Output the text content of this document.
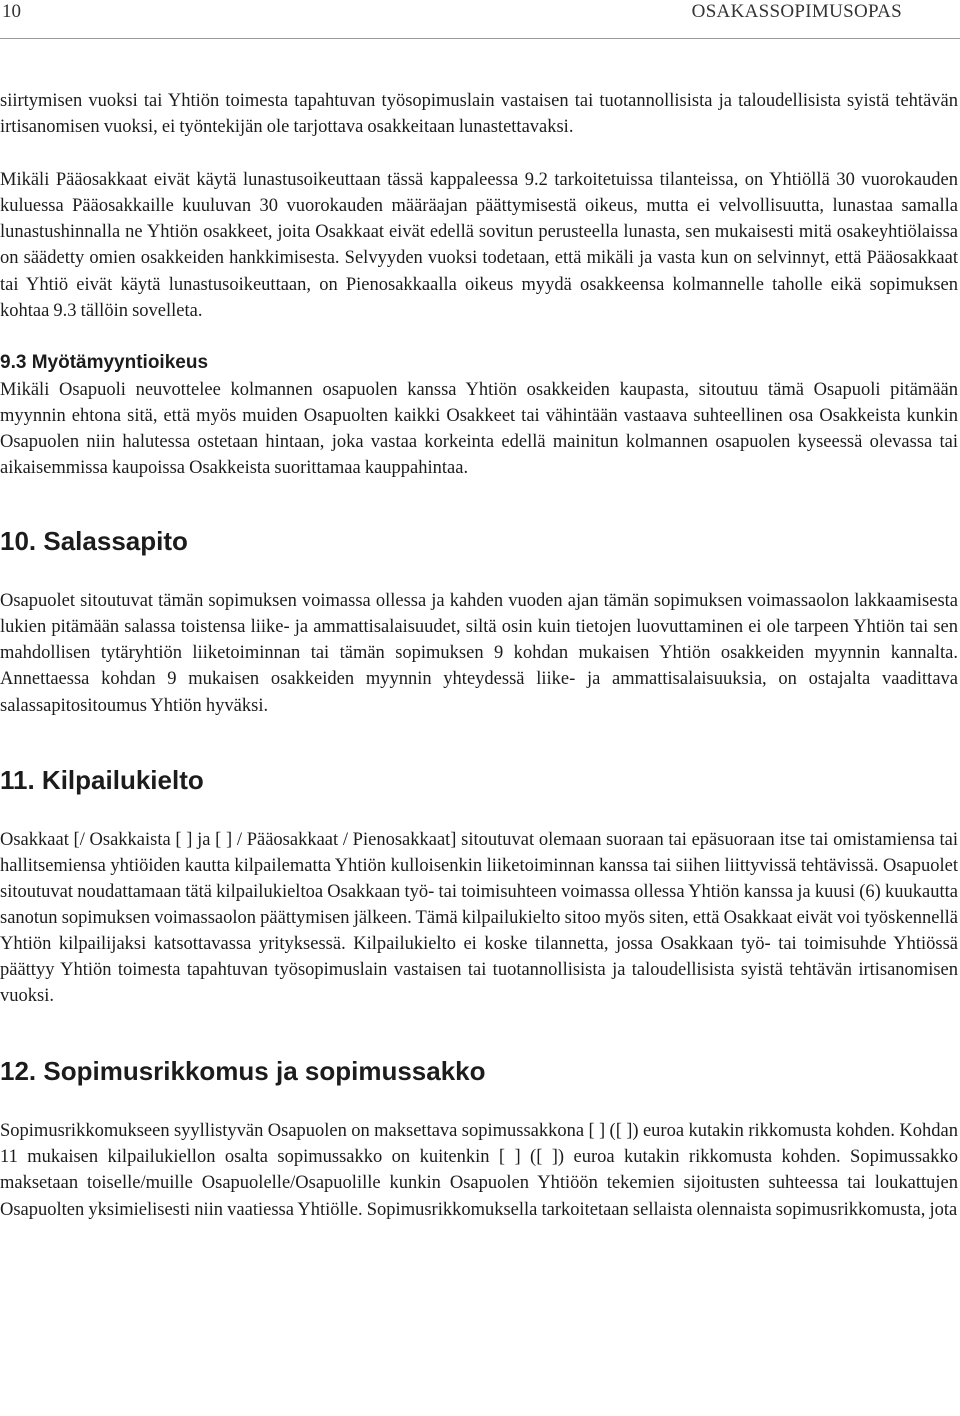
10	OSAKASSOPIMUSOPAS

siirtymisen vuoksi tai Yhtiön toimesta tapahtuvan työsopimuslain vastaisen tai tuotannollisista ja taloudellisista syistä tehtävän irtisanomisen vuoksi, ei työntekijän ole tarjottava osakkeitaan lunastettavaksi.

Mikäli Pääosakkaat eivät käytä lunastusoikeuttaan tässä kappaleessa 9.2 tarkoitetuissa tilanteissa, on Yhtiöllä 30 vuorokauden kuluessa Pääosakkaille kuuluvan 30 vuorokauden määräajan päättymisestä oikeus, mutta ei velvollisuutta, lunastaa samalla lunastushinnalla ne Yhtiön osakkeet, joita Osakkaat eivät edellä sovitun perusteella lunasta, sen mukaisesti mitä osakeyhtiölaissa on säädetty omien osakkeiden hankkimisesta. Selvyyden vuoksi todetaan, että mikäli ja vasta kun on selvinnyt, että Pääosakkaat tai Yhtiö eivät käytä lunastusoikeuttaan, on Pienosakkaalla oikeus myydä osakkeensa kolmannelle taholle eikä sopimuksen kohtaa 9.3 tällöin sovelleta.

9.3 Myötämyyntioikeus

Mikäli Osapuoli neuvottelee kolmannen osapuolen kanssa Yhtiön osakkeiden kaupasta, sitoutuu tämä Osapuoli pitämään myynnin ehtona sitä, että myös muiden Osapuolten kaikki Osakkeet tai vähintään vastaava suhteellinen osa Osakkeista kunkin Osapuolen niin halutessa ostetaan hintaan, joka vastaa korkeinta edellä mainitun kolmannen osapuolen kyseessä olevassa tai aikaisemmissa kaupoissa Osakkeista suorittamaa kauppahintaa.

10. Salassapito

Osapuolet sitoutuvat tämän sopimuksen voimassa ollessa ja kahden vuoden ajan tämän sopimuksen voimassaolon lakkaamisesta lukien pitämään salassa toistensa liike- ja ammattisalaisuudet, siltä osin kuin tietojen luovuttaminen ei ole tarpeen Yhtiön tai sen mahdollisen tytäryhtiön liiketoiminnan tai tämän sopimuksen 9 kohdan mukaisen Yhtiön osakkeiden myynnin kannalta. Annettaessa kohdan 9 mukaisen osakkeiden myynnin yhteydessä liike- ja ammattisalaisuuksia, on ostajalta vaadittava salassapitositoumus Yhtiön hyväksi.

11. Kilpailukielto

Osakkaat [/ Osakkaista [ ] ja [ ] / Pääosakkaat / Pienosakkaat] sitoutuvat olemaan suoraan tai epäsuoraan itse tai omistamiensa tai hallitsemiensa yhtiöiden kautta kilpailematta Yhtiön kulloisenkin liiketoiminnan kanssa tai siihen liittyvissä tehtävissä. Osapuolet sitoutuvat noudattamaan tätä kilpailukieltoa Osakkaan työ- tai toimisuhteen voimassa ollessa Yhtiön kanssa ja kuusi (6) kuukautta sanotun sopimuksen voimassaolon päättymisen jälkeen. Tämä kilpailukielto sitoo myös siten, että Osakkaat eivät voi työskennellä Yhtiön kilpailijaksi katsottavassa yrityksessä. Kilpailukielto ei koske tilannetta, jossa Osakkaan työ- tai toimisuhde Yhtiössä päättyy Yhtiön toimesta tapahtuvan työsopimuslain vastaisen tai tuotannollisista ja taloudellisista syistä tehtävän irtisanomisen vuoksi.

12. Sopimusrikkomus ja sopimussakko

Sopimusrikkomukseen syyllistyvän Osapuolen on maksettava sopimussakkona [ ] ([ ]) euroa kutakin rikkomusta kohden. Kohdan 11 mukaisen kilpailukiellon osalta sopimussakko on kuitenkin [ ] ([ ]) euroa kutakin rikkomusta kohden. Sopimussakko maksetaan toiselle/muille Osapuolelle/Osapuolille kunkin Osapuolen Yhtiöön tekemien sijoitusten suhteessa tai loukattujen Osapuolten yksimielisesti niin vaatiessa Yhtiölle. Sopimusrikkomuksella tarkoitetaan sellaista olennaista sopimusrikkomusta, jota
